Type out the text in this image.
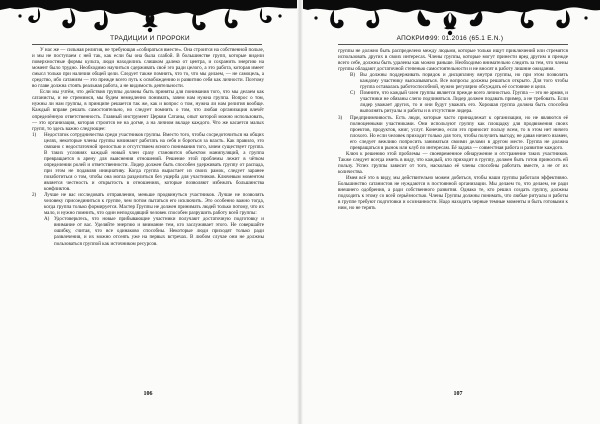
ТРАДИЦИИ И ПРОРОКИ

У нас же — сильная религия, не требующая «собираться вместе». Она строится на собственной пользе, и мы не поступаем с ней так, как если бы она была слабой. В большинстве групп, которые видели поверхностные формы культа, люди находились слишком далеко от центра, и сохранить энергию на момент было трудно. Необходимо научиться сдерживать своё эго ради целого, а это работа, которая имеет смысл только при наличии общей цели. Следует также помнить, что то, что мы делаем, — не самоцель, а средство, ибо сатанизм — это прежде всего путь к освобождению и развитию себя как личности. Поэтому во главе должна стоять реальная работа, а не видимость деятельности.

Если мы учтём, что действия группы должны быть приняты для понимания того, что мы делаем как сатанисты, и не стремимся, мы будем немедленно понимать, зачем нам нужна группа. Вопрос о том, нужны ли нам группы, в принципе решается так же, как и вопрос о том, нужна ли нам религия вообще. Каждый вправе решать самостоятельно, но следует помнить о том, что любая организация влечёт определённую ответственность. Главный инструмент Церкви Сатаны, опыт которой можно использовать, — это организация, которая строится не на догме, а на личном вкладе каждого. Что же касается малых групп, то здесь важно следующее:

1)	Недостаток сотрудничества среди участников группы. Вместо того, чтобы сосредоточиться на общих целях, некоторые члены группы начинают работать на себя и бороться за власть. Как правило, это связано с недостаточной зрелостью и отсутствием ясного понимания того, зачем существует группа. В таких условиях каждый новый член сразу становится объектом манипуляций, а группа превращается в арену для выяснения отношений. Решение этой проблемы лежит в чётком определении ролей и ответственности. Лидер должен быть способен удерживать группу от распада, при этом не подавляя инициативу. Когда группа вырастает из своих рамок, следует заранее позаботиться о том, чтобы она могла разделиться без ущерба для участников. Ключевым моментом является честность и открытость в отношениях, которые позволяют избежать большинства конфликтов.
2)	Лучше не вас исследовать отправлении, меньше продвинуться участников. Лучше не позволять человеку присоединиться к группе, чем потом пытаться его исключить. Это особенно важно тогда, когда группа только формируется. Мастер Группы не должен принимать людей только потому, что их мало, и нужно помнить, что один неподходящий человек способен разрушить работу всей группы:
А) Удостоверьтесь, что новые прибывающие участники получают достаточную подготовку и внимание от вас. Уделяйте энергию и внимание тем, кто заслуживает этого. Не совершайте ошибку, считая, что все одинаково способны. Некоторые люди приходят только ради развлечения, и их можно отсеять уже на первых встречах. В любом случае они не должны пользоваться группой как источником ресурсов.
106
АПОКРИФ99: 01.2016 (65.1 E.N.)

группы не должно быть распределено между людьми, которые только ищут приключений или стремятся использовать других в своих интересах. Члены группы, которые могут принести вред другим и прежде всего себе, должны быть удалены как можно раньше. Необходимо внимательно следить за тем, что члены группы обладают достаточной степенью самостоятельности и не вносят в работу лишние ожидания.

В) Вы должны поддерживать порядок и дисциплину внутри группы, но при этом позволять каждому участнику высказываться. Все вопросы должны решаться открыто. Для того чтобы группа оставалась работоспособной, нужно регулярно обсуждать её состояние и цели.
С) Помните, что каждый член группы является прежде всего личностью. Группа — это не армия, и участники не обязаны слепо подчиняться. Лидер должен подавать пример, а не требовать. Если лидер уважает других, то и они будут уважать его. Хорошая группа должна быть способна выполнять ритуалы и работы и в отсутствие лидера.
3)	Предприимчивость. Есть люди, которые часто принадлежат к организации, но не являются её полноценными участниками. Они используют группу как площадку для продвижения своих проектов, продуктов, книг, услуг. Конечно, если это приносит пользу всем, то в этом нет ничего плохого. Но если человек приходит только для того, чтобы получить выгоду, не давая ничего взамен, его следует вежливо попросить заниматься своими делами в другом месте. Группа не должна превращаться в рынок или клуб по интересам. Её задача — совместная работа и развитие каждого.

Ключ к решению этой проблемы — своевременное обнаружение и отстранение таких участников. Также следует всегда иметь в виду, что каждый, кто приходит в группу, должен быть готов приносить ей пользу. Успех группы зависит от того, насколько её члены способны работать вместе, а не от их количества.

Имея всё это в виду, мы действительно можем добиться, чтобы наши группы работали эффективно. Большинство сатанистов не нуждаются в постоянной организации. Мы делаем то, что делаем, не ради внешнего одобрения, а ради собственного развития. Однако те, кто решил создать группу, должны подходить к этому со всей серьёзностью. Члены Группы должны понимать, что любые ритуалы и работы в группе требуют подготовки и осознанности. Надо находить черные темные моменты и быть готовыми к ним, но не терять

107
